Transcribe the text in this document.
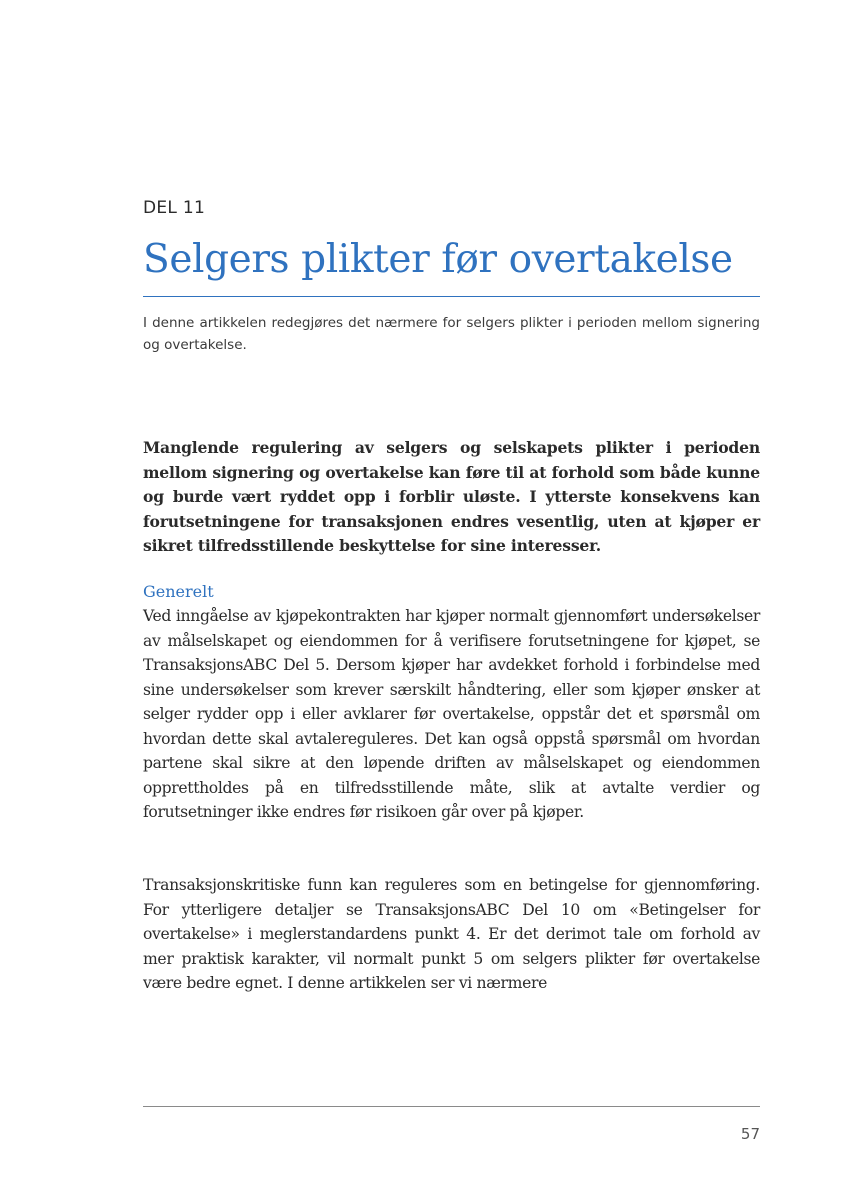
DEL 11
Selgers plikter før overtakelse

I denne artikkelen redegjøres det nærmere for selgers plikter i perioden mellom signering og overtakelse.

Manglende regulering av selgers og selskapets plikter i perioden mellom signering og overtakelse kan føre til at forhold som både kunne og burde vært ryddet opp i forblir uløste. I ytterste konsekvens kan forutsetningene for transaksjonen endres vesentlig, uten at kjøper er sikret tilfredsstillende beskyttelse for sine interesser.

Generelt

Ved inngåelse av kjøpekontrakten har kjøper normalt gjennomført undersøkelser av målselskapet og eiendommen for å verifisere forutsetningene for kjøpet, se TransaksjonsABC Del 5. Dersom kjøper har avdekket forhold i forbindelse med sine undersøkelser som krever særskilt håndtering, eller som kjøper ønsker at selger rydder opp i eller avklarer før overtakelse, oppstår det et spørsmål om hvordan dette skal avtalereguleres. Det kan også oppstå spørsmål om hvordan partene skal sikre at den løpende driften av målselskapet og eiendommen opprettholdes på en tilfredsstillende måte, slik at avtalte verdier og forutsetninger ikke endres før risikoen går over på kjøper.

Transaksjonskritiske funn kan reguleres som en betingelse for gjennomføring. For ytterligere detaljer se TransaksjonsABC Del 10 om «Betingelser for overtakelse» i meglerstandardens punkt 4. Er det derimot tale om forhold av mer praktisk karakter, vil normalt punkt 5 om selgers plikter før overtakelse være bedre egnet. I denne artikkelen ser vi nærmere

57
